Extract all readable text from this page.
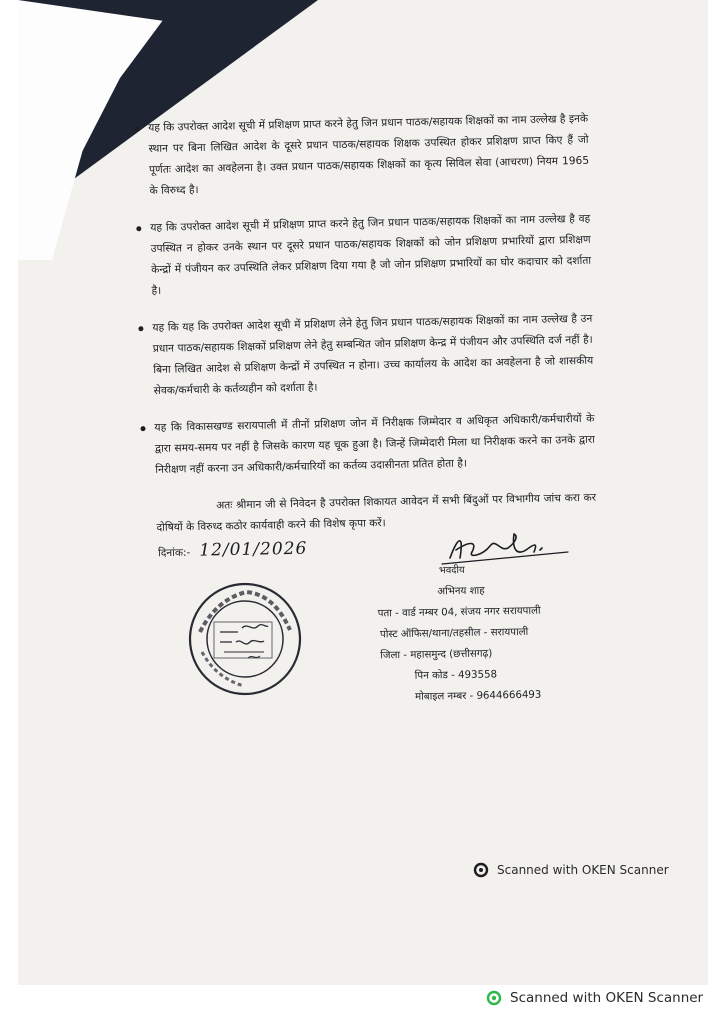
यह कि उपरोक्त आदेश सूची में प्रशिक्षण प्राप्त करने हेतु जिन प्रधान पाठक/सहायक शिक्षकों का नाम उल्लेख है इनके स्थान पर बिना लिखित आदेश के दूसरे प्रधान पाठक/सहायक शिक्षक उपस्थित होकर प्रशिक्षण प्राप्त किए हैं जो पूर्णतः आदेश का अवहेलना है। उक्त प्रधान पाठक/सहायक शिक्षकों का कृत्य सिविल सेवा (आचरण) नियम 1965 के विरुध्द है।
यह कि उपरोक्त आदेश सूची में प्रशिक्षण प्राप्त करने हेतु जिन प्रधान पाठक/सहायक शिक्षकों का नाम उल्लेख है वह उपस्थित न होकर उनके स्थान पर दूसरे प्रधान पाठक/सहायक शिक्षकों को जोन प्रशिक्षण प्रभारियों द्वारा प्रशिक्षण केन्द्रों में पंजीयन कर उपस्थिति लेकर प्रशिक्षण दिया गया है जो जोन प्रशिक्षण प्रभारियों का घोर कदाचार को दर्शाता है।
यह कि यह कि उपरोक्त आदेश सूची में प्रशिक्षण लेने हेतु जिन प्रधान पाठक/सहायक शिक्षकों का नाम उल्लेख है उन प्रधान पाठक/सहायक शिक्षकों प्रशिक्षण लेने हेतु सम्बन्धित जोन प्रशिक्षण केन्द्र में पंजीयन और उपस्थिति दर्ज नहीं है। बिना लिखित आदेश से प्रशिक्षण केन्द्रों में उपस्थित न होना। उच्च कार्यालय के आदेश का अवहेलना है जो शासकीय सेवक/कर्मचारी के कर्तव्यहीन को दर्शाता है।
यह कि विकासखण्ड सरायपाली में तीनों प्रशिक्षण जोन में निरीक्षक जिम्मेदार व अधिकृत अधिकारी/कर्मचारीयों के द्वारा समय-समय पर नहीं है जिसके कारण यह चूक हुआ है। जिन्हें जिम्मेदारी मिला था निरीक्षक करने का उनके द्वारा निरीक्षण नहीं करना उन अधिकारी/कर्मचारियों का कर्तव्य उदासीनता प्रतित होता है।
अतः श्रीमान जी से निवेदन है उपरोक्त शिकायत आवेदन में सभी बिंदुओं पर विभागीय जांच करा कर दोषियों के विरुध्द कठोर कार्यवाही करने की विशेष कृपा करें।
दिनांक:- 12/01/2026
भवदीय
अभिनय शाह
पता - वार्ड नम्बर 04, संजय नगर सरायपाली
पोस्ट ऑफिस/थाना/तहसील - सरायपाली
जिला - महासमुन्द (छत्तीसगढ़)
पिन कोड - 493558
मोबाइल नम्बर - 9644666493
Scanned with OKEN Scanner
Scanned with OKEN Scanner
